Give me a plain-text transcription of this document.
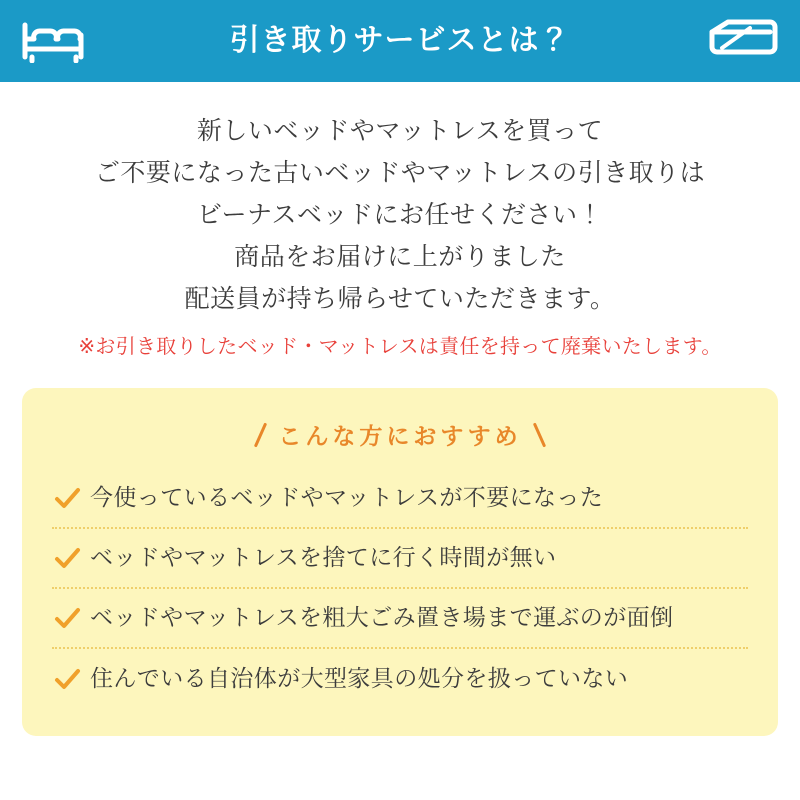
引き取りサービスとは？
新しいベッドやマットレスを買って
ご不要になった古いベッドやマットレスの引き取りは
ビーナスベッドにお任せください！
商品をお届けに上がりました
配送員が持ち帰らせていただきます。
※お引き取りしたベッド・マットレスは責任を持って廃棄いたします。
こんな方におすすめ
今使っているベッドやマットレスが不要になった
ベッドやマットレスを捨てに行く時間が無い
ベッドやマットレスを粗大ごみ置き場まで運ぶのが面倒
住んでいる自治体が大型家具の処分を扱っていない
